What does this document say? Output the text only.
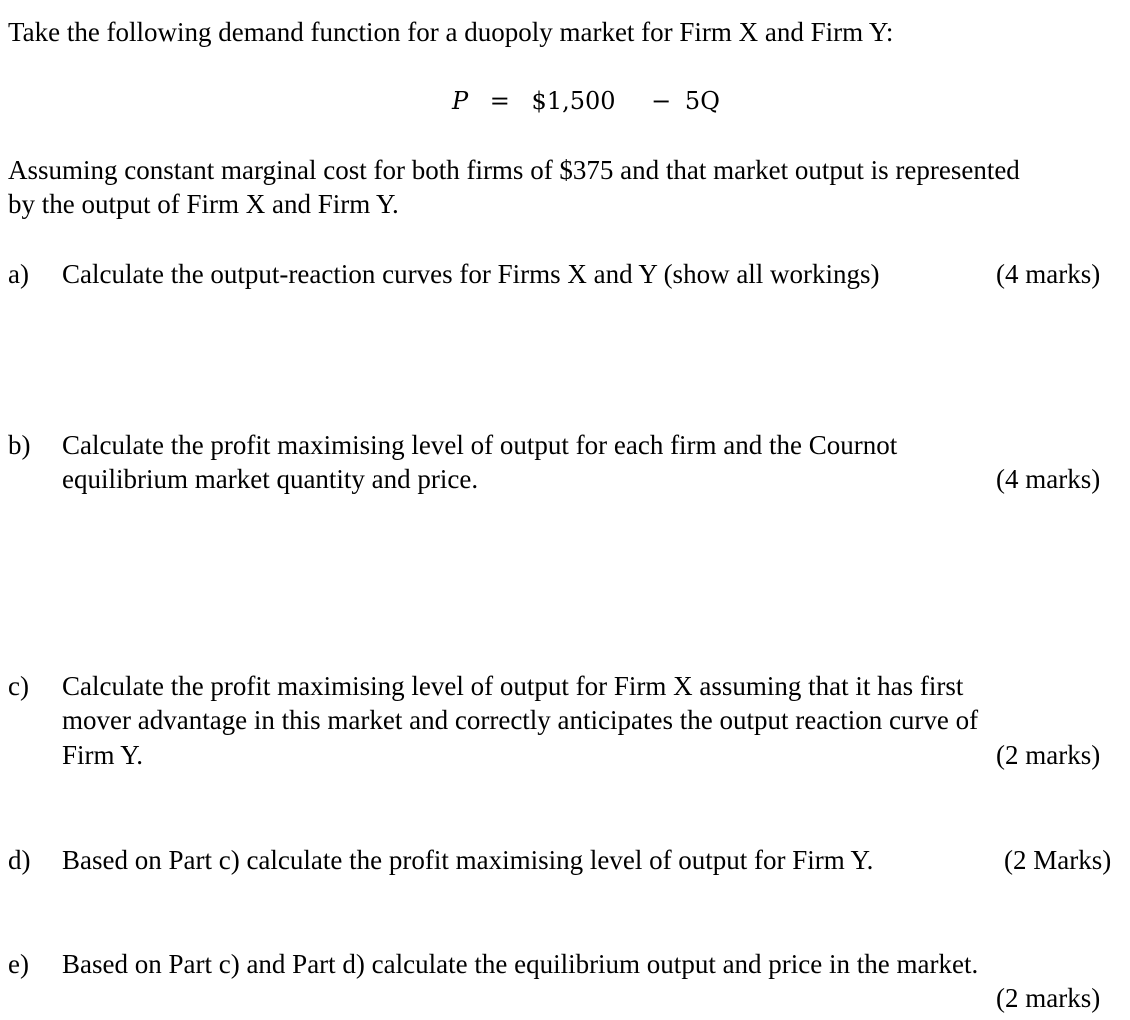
Take the following demand function for a duopoly market for Firm X and Firm Y:
P = $1,500 − 5Q
Assuming constant marginal cost for both firms of $375 and that market output is represented
by the output of Firm X and Firm Y.
a) Calculate the output-reaction curves for Firms X and Y (show all workings)	(4 marks)
b) Calculate the profit maximising level of output for each firm and the Cournot
equilibrium market quantity and price.	(4 marks)
c) Calculate the profit maximising level of output for Firm X assuming that it has first
mover advantage in this market and correctly anticipates the output reaction curve of
Firm Y.	(2 marks)
d) Based on Part c) calculate the profit maximising level of output for Firm Y.	(2 Marks)
e) Based on Part c) and Part d) calculate the equilibrium output and price in the market.
(2 marks)
